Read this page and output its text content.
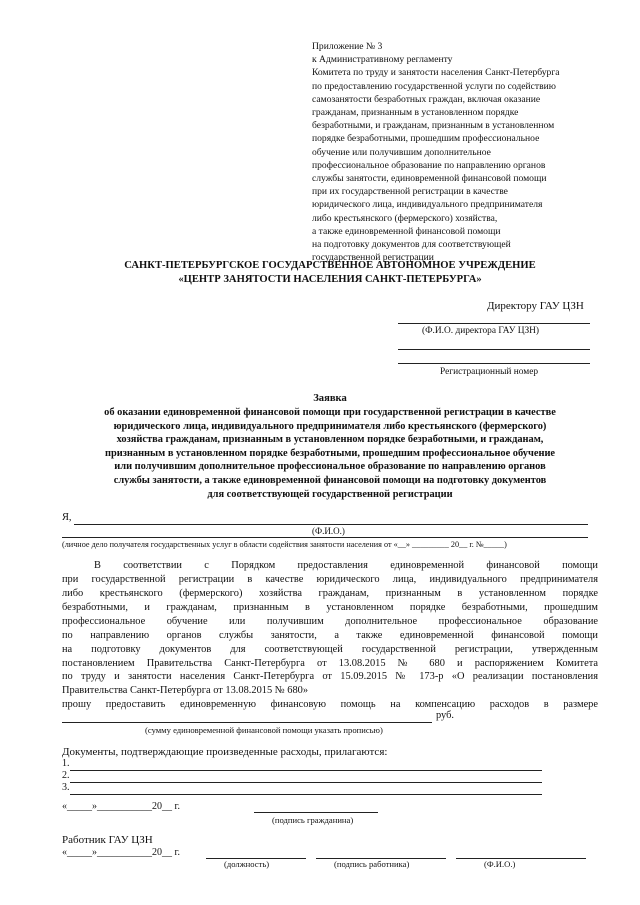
Приложение № 3
к Административному регламенту
Комитета по труду и занятости населения Санкт-Петербурга
по предоставлению государственной услуги по содействию
самозанятости безработных граждан, включая оказание
гражданам, признанным в установленном порядке
безработными, и гражданам, признанным в установленном
порядке безработными, прошедшим профессиональное
обучение или получившим дополнительное
профессиональное образование по направлению органов
службы занятости, единовременной финансовой помощи
при их государственной регистрации в качестве
юридического лица, индивидуального предпринимателя
либо крестьянского (фермерского) хозяйства,
а также единовременной финансовой помощи
на подготовку документов для соответствующей
государственной регистрации
САНКТ-ПЕТЕРБУРГСКОЕ ГОСУДАРСТВЕННОЕ АВТОНОМНОЕ УЧРЕЖДЕНИЕ
«ЦЕНТР ЗАНЯТОСТИ НАСЕЛЕНИЯ САНКТ-ПЕТЕРБУРГА»
Директору ГАУ ЦЗН
(Ф.И.О. директора ГАУ ЦЗН)
Регистрационный номер
Заявка
об оказании единовременной финансовой помощи при государственной регистрации в качестве
юридического лица, индивидуального предпринимателя либо крестьянского (фермерского)
хозяйства гражданам, признанным в установленном порядке безработными, и гражданам,
признанным в установленном порядке безработными, прошедшим профессиональное обучение
или получившим дополнительное профессиональное образование по направлению органов
службы занятости, а также единовременной финансовой помощи на подготовку документов
для соответствующей государственной регистрации
Я,
(Ф.И.О.)
(личное дело получателя государственных услуг в области содействия занятости населения от «__» _________ 20__ г. №_____)
В соответствии с Порядком предоставления единовременной финансовой помощи
при государственной регистрации в качестве юридического лица, индивидуального предпринимателя
либо крестьянского (фермерского) хозяйства гражданам, признанным в установленном порядке
безработными, и гражданам, признанным в установленном порядке безработными, прошедшим
профессиональное обучение или получившим дополнительное профессиональное образование
по направлению органов службы занятости, а также единовременной финансовой помощи
на подготовку документов для соответствующей государственной регистрации, утвержденным
постановлением Правительства Санкт-Петербурга от 13.08.2015 № 680 и распоряжением Комитета
по труду и занятости населения Санкт-Петербурга от 15.09.2015 № 173-р «О реализации постановления
Правительства Санкт-Петербурга от 13.08.2015 № 680»
прошу предоставить единовременную финансовую помощь на компенсацию расходов в размере
руб.
(сумму единовременной финансовой помощи указать прописью)
Документы, подтверждающие произведенные расходы, прилагаются:
1.
2.
3.
«_____»___________20__ г.
(подпись гражданина)
Работник ГАУ ЦЗН
«_____»___________20__ г.
(должность)	(подпись работника)	(Ф.И.О.)
